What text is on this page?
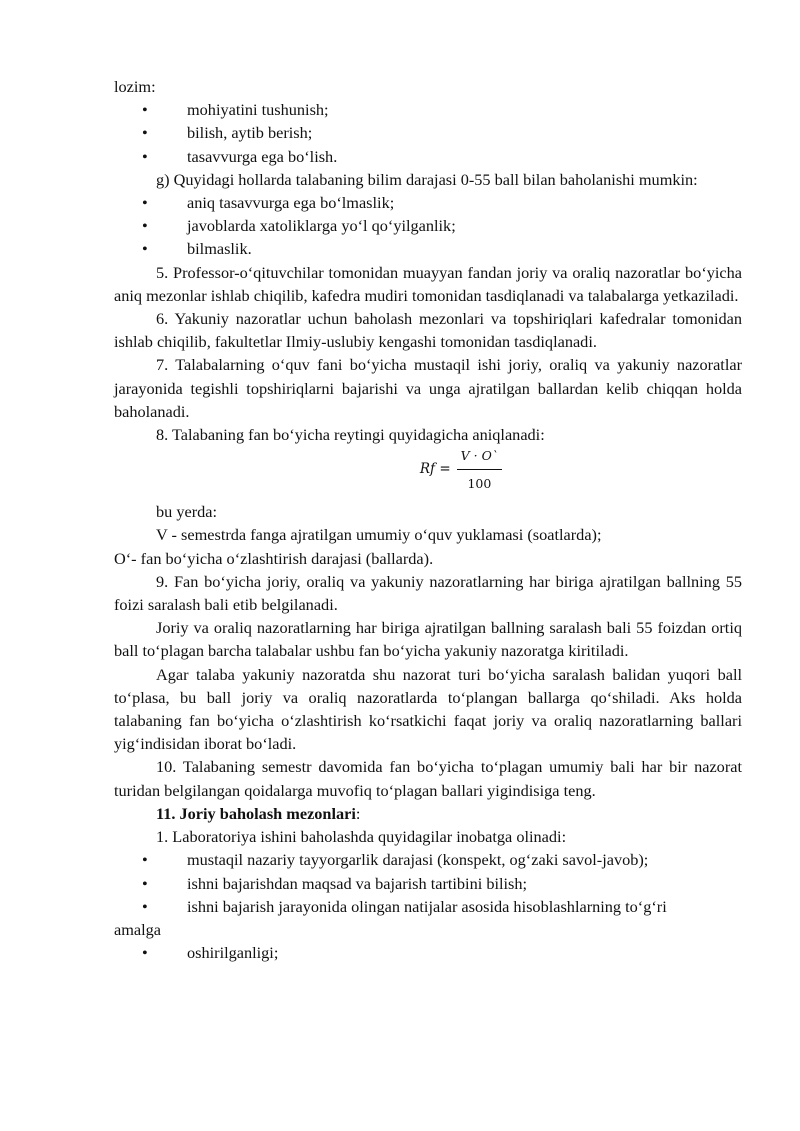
lozim:

•	mohiyatini tushunish;
•	bilish, aytib berish;
•	tasavvurga ega bo‘lish.

g) Quyidagi hollarda talabaning bilim darajasi 0-55 ball bilan baholanishi mumkin:

•	aniq tasavvurga ega bo‘lmaslik;
•	javoblarda xatoliklarga yo‘l qo‘yilganlik;
•	bilmaslik.

5. Professor-o‘qituvchilar tomonidan muayyan fandan joriy va oraliq nazoratlar bo‘yicha aniq mezonlar ishlab chiqilib, kafedra mudiri tomonidan tasdiqlanadi va talabalarga yetkaziladi.

6. Yakuniy nazoratlar uchun baholash mezonlari va topshiriqlari kafedralar tomonidan ishlab chiqilib, fakultetlar Ilmiy-uslubiy kengashi tomonidan tasdiqlanadi.

7. Talabalarning o‘quv fani bo‘yicha mustaqil ishi joriy, oraliq va yakuniy nazoratlar jarayonida tegishli topshiriqlarni bajarishi va unga ajratilgan ballardan kelib chiqqan holda baholanadi.

8. Talabaning fan bo‘yicha reytingi quyidagicha aniqlanadi:

$Rf = \frac{V \cdot O`}{100}$

bu yerda:

V - semestrda fanga ajratilgan umumiy o‘quv yuklamasi (soatlarda);

O‘- fan bo‘yicha o‘zlashtirish darajasi (ballarda).

9. Fan bo‘yicha joriy, oraliq va yakuniy nazoratlarning har biriga ajratilgan ballning 55 foizi saralash bali etib belgilanadi.

Joriy va oraliq nazoratlarning har biriga ajratilgan ballning saralash bali 55 foizdan ortiq ball to‘plagan barcha talabalar ushbu fan bo‘yicha yakuniy nazoratga kiritiladi.

Agar talaba yakuniy nazoratda shu nazorat turi bo‘yicha saralash balidan yuqori ball to‘plasa, bu ball joriy va oraliq nazoratlarda to‘plangan ballarga qo‘shiladi. Aks holda talabaning fan bo‘yicha o‘zlashtirish ko‘rsatkichi faqat joriy va oraliq nazoratlarning ballari yig‘indisidan iborat bo‘ladi.

10. Talabaning semestr davomida fan bo‘yicha to‘plagan umumiy bali har bir nazorat turidan belgilangan qoidalarga muvofiq to‘plagan ballari yigindisiga teng.

11. Joriy baholash mezonlari:

1. Laboratoriya ishini baholashda quyidagilar inobatga olinadi:

•	mustaqil nazariy tayyorgarlik darajasi (konspekt, og‘zaki savol-javob);
•	ishni bajarishdan maqsad va bajarish tartibini bilish;
•	ishni bajarish jarayonida olingan natijalar asosida hisoblashlarning to‘g‘ri

amalga

•	oshirilganligi;
